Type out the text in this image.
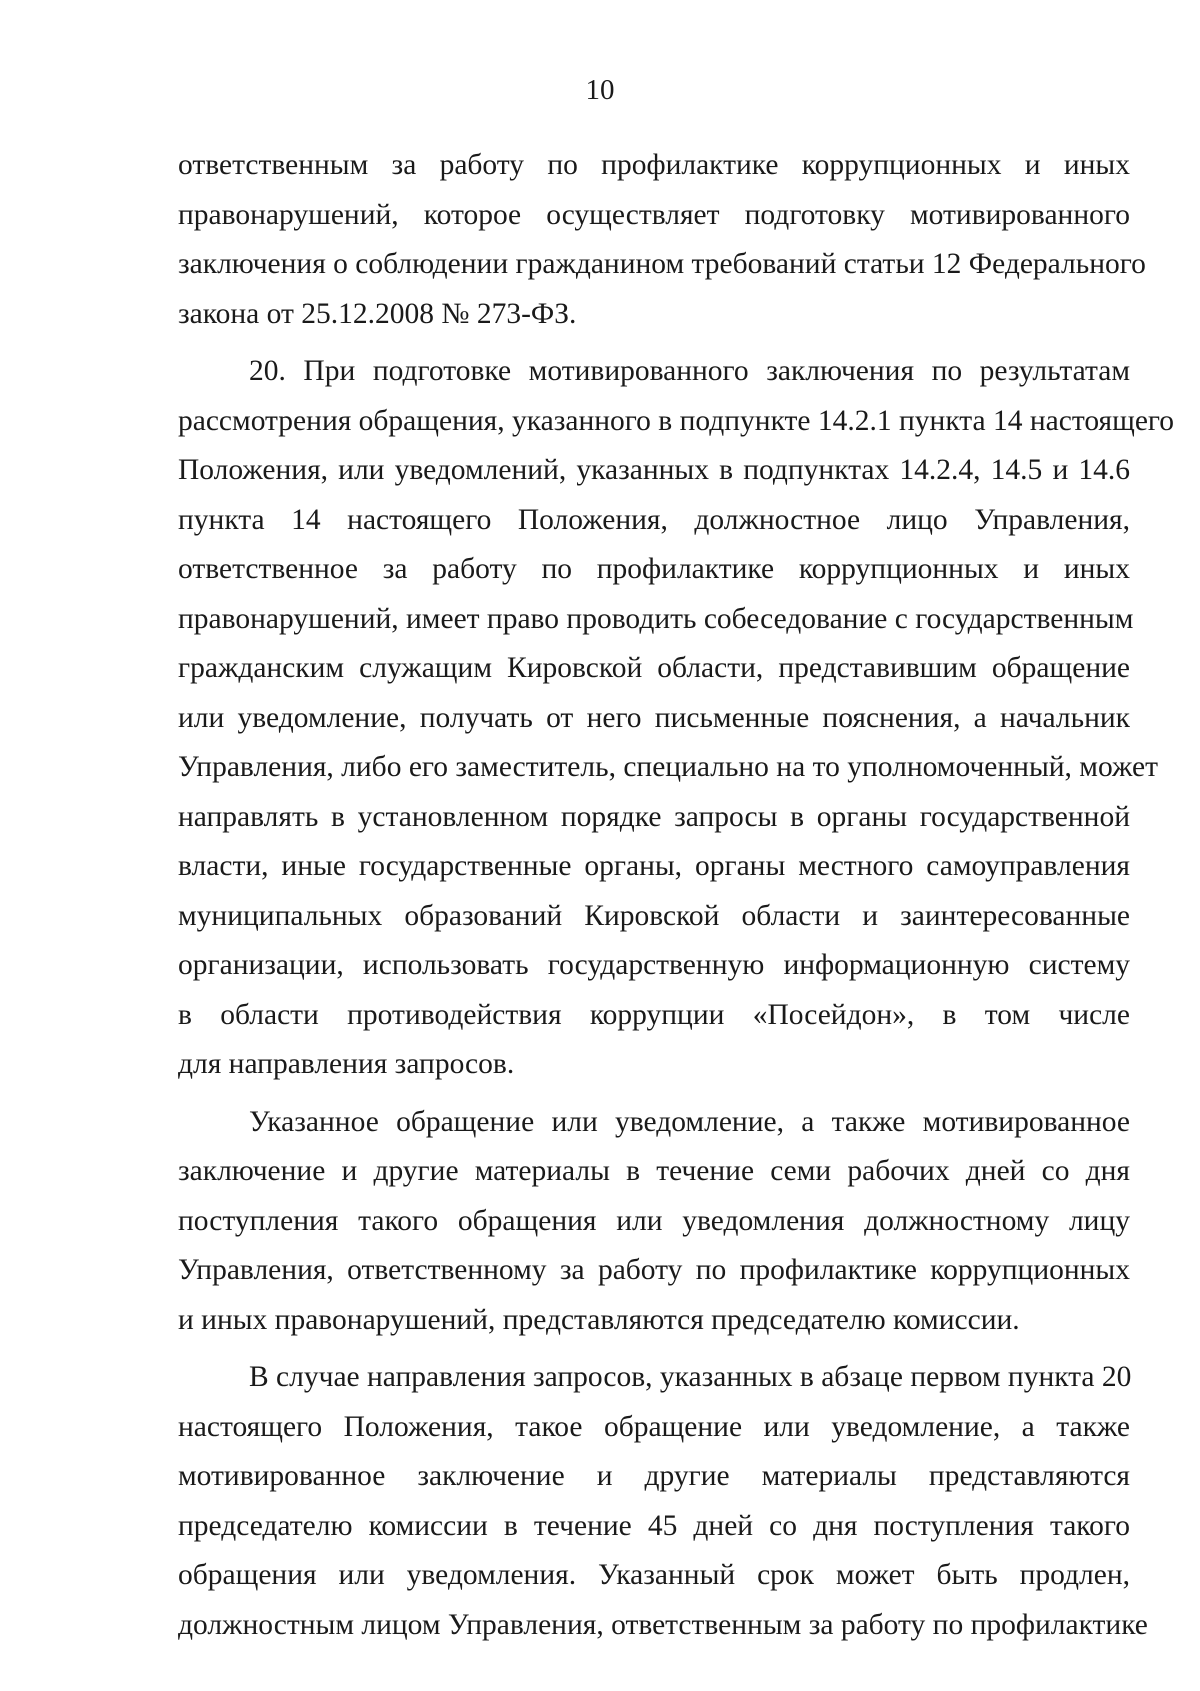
10
ответственным за работу по профилактике коррупционных и иных
правонарушений, которое осуществляет подготовку мотивированного
заключения о соблюдении гражданином требований статьи 12 Федерального
закона от 25.12.2008 № 273-ФЗ.
20. При подготовке мотивированного заключения по результатам
рассмотрения обращения, указанного в подпункте 14.2.1 пункта 14 настоящего
Положения, или уведомлений, указанных в подпунктах 14.2.4, 14.5 и 14.6
пункта 14 настоящего Положения, должностное лицо Управления,
ответственное за работу по профилактике коррупционных и иных
правонарушений, имеет право проводить собеседование с государственным
гражданским служащим Кировской области, представившим обращение
или уведомление, получать от него письменные пояснения, а начальник
Управления, либо его заместитель, специально на то уполномоченный, может
направлять в установленном порядке запросы в органы государственной
власти, иные государственные органы, органы местного самоуправления
муниципальных образований Кировской области и заинтересованные
организации, использовать государственную информационную систему
в области противодействия коррупции «Посейдон», в том числе
для направления запросов.
Указанное обращение или уведомление, а также мотивированное
заключение и другие материалы в течение семи рабочих дней со дня
поступления такого обращения или уведомления должностному лицу
Управления, ответственному за работу по профилактике коррупционных
и иных правонарушений, представляются председателю комиссии.
В случае направления запросов, указанных в абзаце первом пункта 20
настоящего Положения, такое обращение или уведомление, а также
мотивированное заключение и другие материалы представляются
председателю комиссии в течение 45 дней со дня поступления такого
обращения или уведомления. Указанный срок может быть продлен,
должностным лицом Управления, ответственным за работу по профилактике
